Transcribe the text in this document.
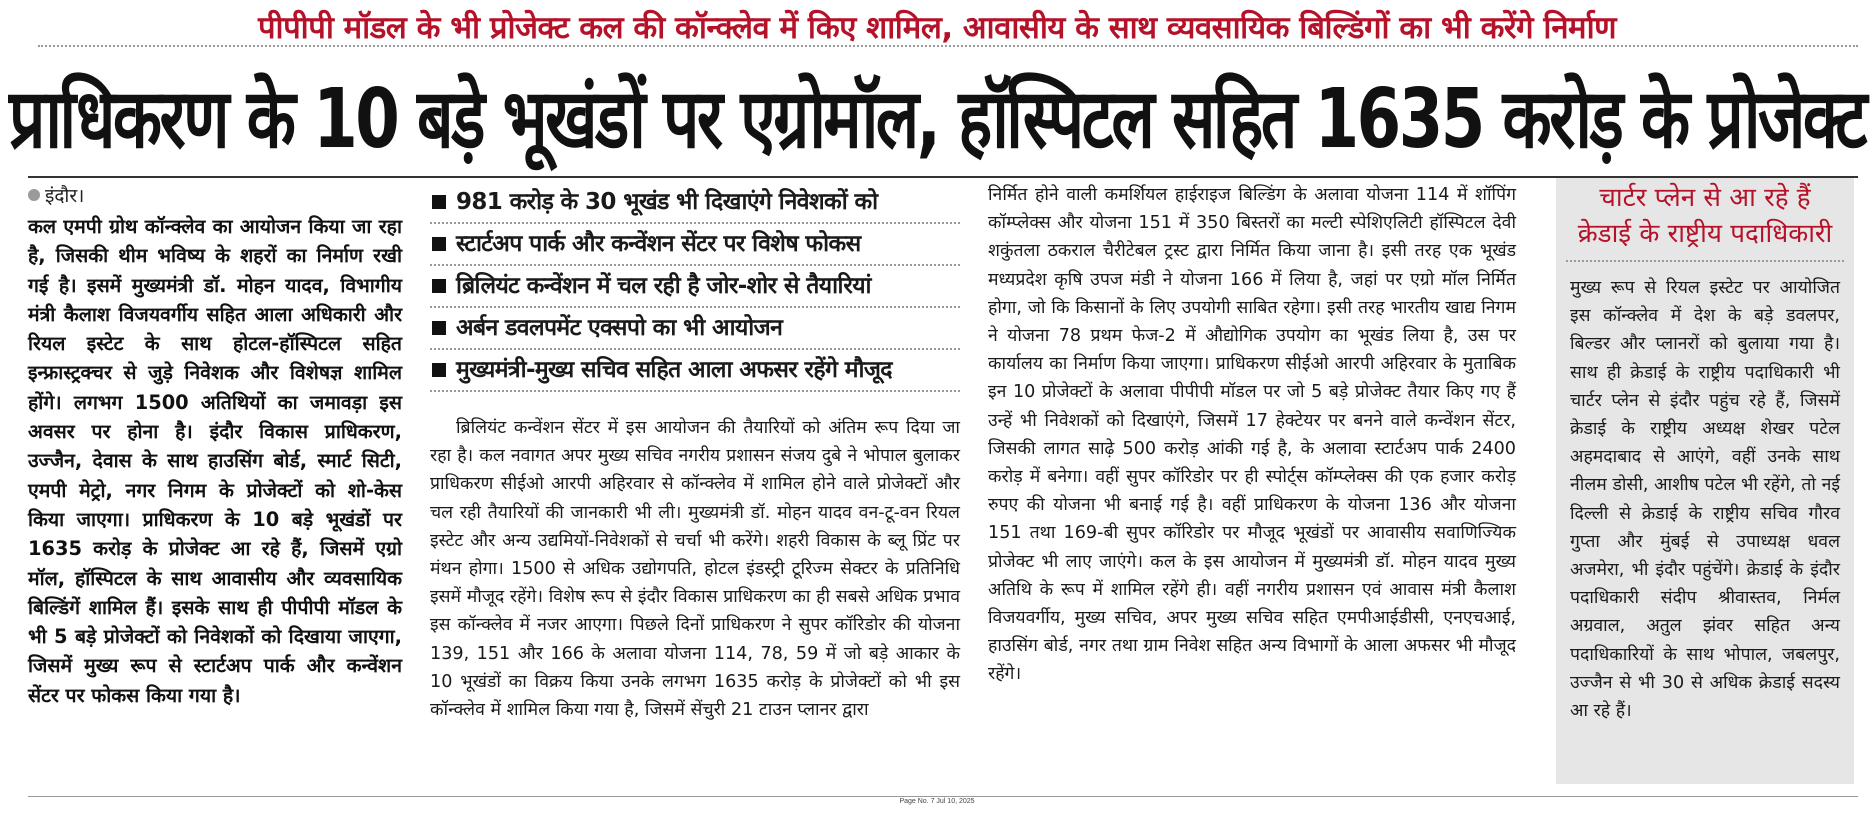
पीपीपी मॉडल के भी प्रोजेक्ट कल की कॉन्क्लेव में किए शामिल, आवासीय के साथ व्यवसायिक बिल्डिंगों का भी करेंगे निर्माण
प्राधिकरण के 10 बड़े भूखंडों पर एग्रोमॉल, हॉस्पिटल सहित 1635 करोड़ के प्रोजेक्ट
इंदौर।

कल एमपी ग्रोथ कॉन्क्लेव का आयोजन किया जा रहा है, जिसकी थीम भविष्य के शहरों का निर्माण रखी गई है। इसमें मुख्यमंत्री डॉ. मोहन यादव, विभागीय मंत्री कैलाश विजयवर्गीय सहित आला अधिकारी और रियल इस्टेट के साथ होटल-हॉस्पिटल सहित इन्फ्रास्ट्रक्चर से जुड़े निवेशक और विशेषज्ञ शामिल होंगे। लगभग 1500 अतिथियों का जमावड़ा इस अवसर पर होना है। इंदौर विकास प्राधिकरण, उज्जैन, देवास के साथ हाउसिंग बोर्ड, स्मार्ट सिटी, एमपी मेट्रो, नगर निगम के प्रोजेक्टों को शो-केस किया जाएगा। प्राधिकरण के 10 बड़े भूखंडों पर 1635 करोड़ के प्रोजेक्ट आ रहे हैं, जिसमें एग्रो मॉल, हॉस्पिटल के साथ आवासीय और व्यवसायिक बिल्डिंगें शामिल हैं। इसके साथ ही पीपीपी मॉडल के भी 5 बड़े प्रोजेक्टों को निवेशकों को दिखाया जाएगा, जिसमें मुख्य रूप से स्टार्टअप पार्क और कन्वेंशन सेंटर पर फोकस किया गया है।

981 करोड़ के 30 भूखंड भी दिखाएंगे निवेशकों को
स्टार्टअप पार्क और कन्वेंशन सेंटर पर विशेष फोकस
ब्रिलियंट कन्वेंशन में चल रही है जोर-शोर से तैयारियां
अर्बन डवलपमेंट एक्सपो का भी आयोजन
मुख्यमंत्री-मुख्य सचिव सहित आला अफसर रहेंगे मौजूद

ब्रिलियंट कन्वेंशन सेंटर में इस आयोजन की तैयारियों को अंतिम रूप दिया जा रहा है। कल नवागत अपर मुख्य सचिव नगरीय प्रशासन संजय दुबे ने भोपाल बुलाकर प्राधिकरण सीईओ आरपी अहिरवार से कॉन्क्लेव में शामिल होने वाले प्रोजेक्टों और चल रही तैयारियों की जानकारी भी ली। मुख्यमंत्री डॉ. मोहन यादव वन-टू-वन रियल इस्टेट और अन्य उद्यमियों-निवेशकों से चर्चा भी करेंगे। शहरी विकास के ब्लू प्रिंट पर मंथन होगा। 1500 से अधिक उद्योगपति, होटल इंडस्ट्री टूरिज्म सेक्टर के प्रतिनिधि इसमें मौजूद रहेंगे। विशेष रूप से इंदौर विकास प्राधिकरण का ही सबसे अधिक प्रभाव इस कॉन्क्लेव में नजर आएगा। पिछले दिनों प्राधिकरण ने सुपर कॉरिडोर की योजना 139, 151 और 166 के अलावा योजना 114, 78, 59 में जो बड़े आकार के 10 भूखंडों का विक्रय किया उनके लगभग 1635 करोड़ के प्रोजेक्टों को भी इस कॉन्क्लेव में शामिल किया गया है, जिसमें सेंचुरी 21 टाउन प्लानर द्वारा

निर्मित होने वाली कमर्शियल हाईराइज बिल्डिंग के अलावा योजना 114 में शॉपिंग कॉम्प्लेक्स और योजना 151 में 350 बिस्तरों का मल्टी स्पेशिएलिटी हॉस्पिटल देवी शकुंतला ठकराल चैरीटेबल ट्रस्ट द्वारा निर्मित किया जाना है। इसी तरह एक भूखंड मध्यप्रदेश कृषि उपज मंडी ने योजना 166 में लिया है, जहां पर एग्रो मॉल निर्मित होगा, जो कि किसानों के लिए उपयोगी साबित रहेगा। इसी तरह भारतीय खाद्य निगम ने योजना 78 प्रथम फेज-2 में औद्योगिक उपयोग का भूखंड लिया है, उस पर कार्यालय का निर्माण किया जाएगा। प्राधिकरण सीईओ आरपी अहिरवार के मुताबिक इन 10 प्रोजेक्टों के अलावा पीपीपी मॉडल पर जो 5 बड़े प्रोजेक्ट तैयार किए गए हैं उन्हें भी निवेशकों को दिखाएंगे, जिसमें 17 हेक्टेयर पर बनने वाले कन्वेंशन सेंटर, जिसकी लागत साढ़े 500 करोड़ आंकी गई है, के अलावा स्टार्टअप पार्क 2400 करोड़ में बनेगा। वहीं सुपर कॉरिडोर पर ही स्पोर्ट्स कॉम्प्लेक्स की एक हजार करोड़ रुपए की योजना भी बनाई गई है। वहीं प्राधिकरण के योजना 136 और योजना 151 तथा 169-बी सुपर कॉरिडोर पर मौजूद भूखंडों पर आवासीय सवाणिज्यिक प्रोजेक्ट भी लाए जाएंगे। कल के इस आयोजन में मुख्यमंत्री डॉ. मोहन यादव मुख्य अतिथि के रूप में शामिल रहेंगे ही। वहीं नगरीय प्रशासन एवं आवास मंत्री कैलाश विजयवर्गीय, मुख्य सचिव, अपर मुख्य सचिव सहित एमपीआईडीसी, एनएचआई, हाउसिंग बोर्ड, नगर तथा ग्राम निवेश सहित अन्य विभागों के आला अफसर भी मौजूद रहेंगे।

चार्टर प्लेन से आ रहे हैं क्रेडाई के राष्ट्रीय पदाधिकारी

मुख्य रूप से रियल इस्टेट पर आयोजित इस कॉन्क्लेव में देश के बड़े डवलपर, बिल्डर और प्लानरों को बुलाया गया है। साथ ही क्रेडाई के राष्ट्रीय पदाधिकारी भी चार्टर प्लेन से इंदौर पहुंच रहे हैं, जिसमें क्रेडाई के राष्ट्रीय अध्यक्ष शेखर पटेल अहमदाबाद से आएंगे, वहीं उनके साथ नीलम डोसी, आशीष पटेल भी रहेंगे, तो नई दिल्ली से क्रेडाई के राष्ट्रीय सचिव गौरव गुप्ता और मुंबई से उपाध्यक्ष धवल अजमेरा, भी इंदौर पहुंचेंगे। क्रेडाई के इंदौर पदाधिकारी संदीप श्रीवास्तव, निर्मल अग्रवाल, अतुल झंवर सहित अन्य पदाधिकारियों के साथ भोपाल, जबलपुर, उज्जैन से भी 30 से अधिक क्रेडाई सदस्य आ रहे हैं।

Page No. 7 Jul 10, 2025
